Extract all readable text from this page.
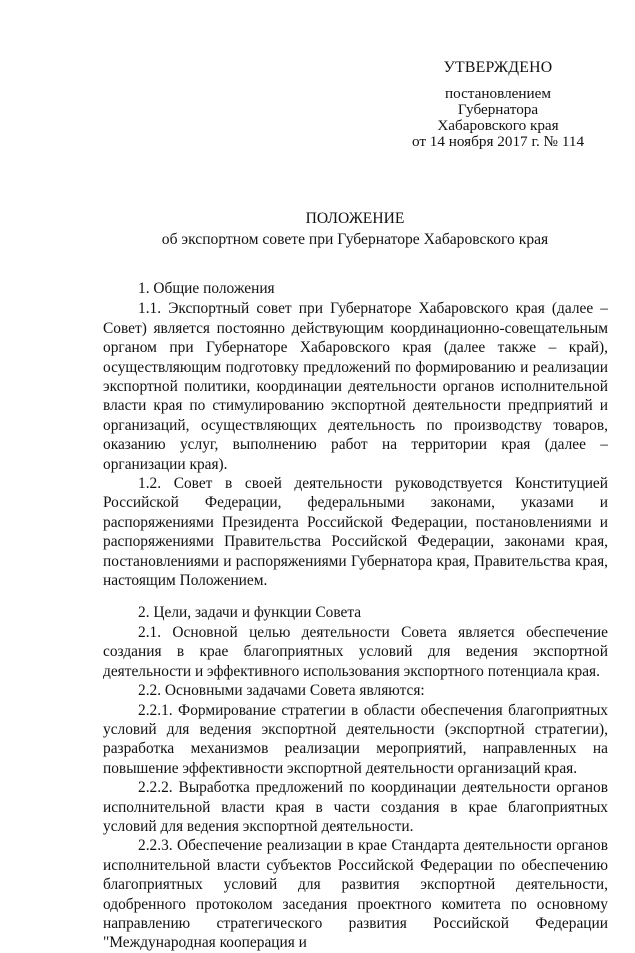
УТВЕРЖДЕНО
постановлением
Губернатора
Хабаровского края
от 14 ноября 2017 г. № 114
ПОЛОЖЕНИЕ
об экспортном совете при Губернаторе Хабаровского края

1. Общие положения

1.1. Экспортный совет при Губернаторе Хабаровского края (далее – Совет) является постоянно действующим координационно-совещательным органом при Губернаторе Хабаровского края (далее также – край), осуществляющим подготовку предложений по формированию и реализации экспортной политики, координации деятельности органов исполнительной власти края по стимулированию экспортной деятельности предприятий и организаций, осуществляющих деятельность по производству товаров, оказанию услуг, выполнению работ на территории края (далее – организации края).

1.2. Совет в своей деятельности руководствуется Конституцией Российской Федерации, федеральными законами, указами и распоряжениями Президента Российской Федерации, постановлениями и распоряжениями Правительства Российской Федерации, законами края, постановлениями и распоряжениями Губернатора края, Правительства края, настоящим Положением.

2. Цели, задачи и функции Совета

2.1. Основной целью деятельности Совета является обеспечение создания в крае благоприятных условий для ведения экспортной деятельности и эффективного использования экспортного потенциала края.

2.2. Основными задачами Совета являются:

2.2.1. Формирование стратегии в области обеспечения благоприятных условий для ведения экспортной деятельности (экспортной стратегии), разработка механизмов реализации мероприятий, направленных на повышение эффективности экспортной деятельности организаций края.

2.2.2. Выработка предложений по координации деятельности органов исполнительной власти края в части создания в крае благоприятных условий для ведения экспортной деятельности.

2.2.3. Обеспечение реализации в крае Стандарта деятельности органов исполнительной власти субъектов Российской Федерации по обеспечению благоприятных условий для развития экспортной деятельности, одобренного протоколом заседания проектного комитета по основному направлению стратегического развития Российской Федерации "Международная кооперация и
